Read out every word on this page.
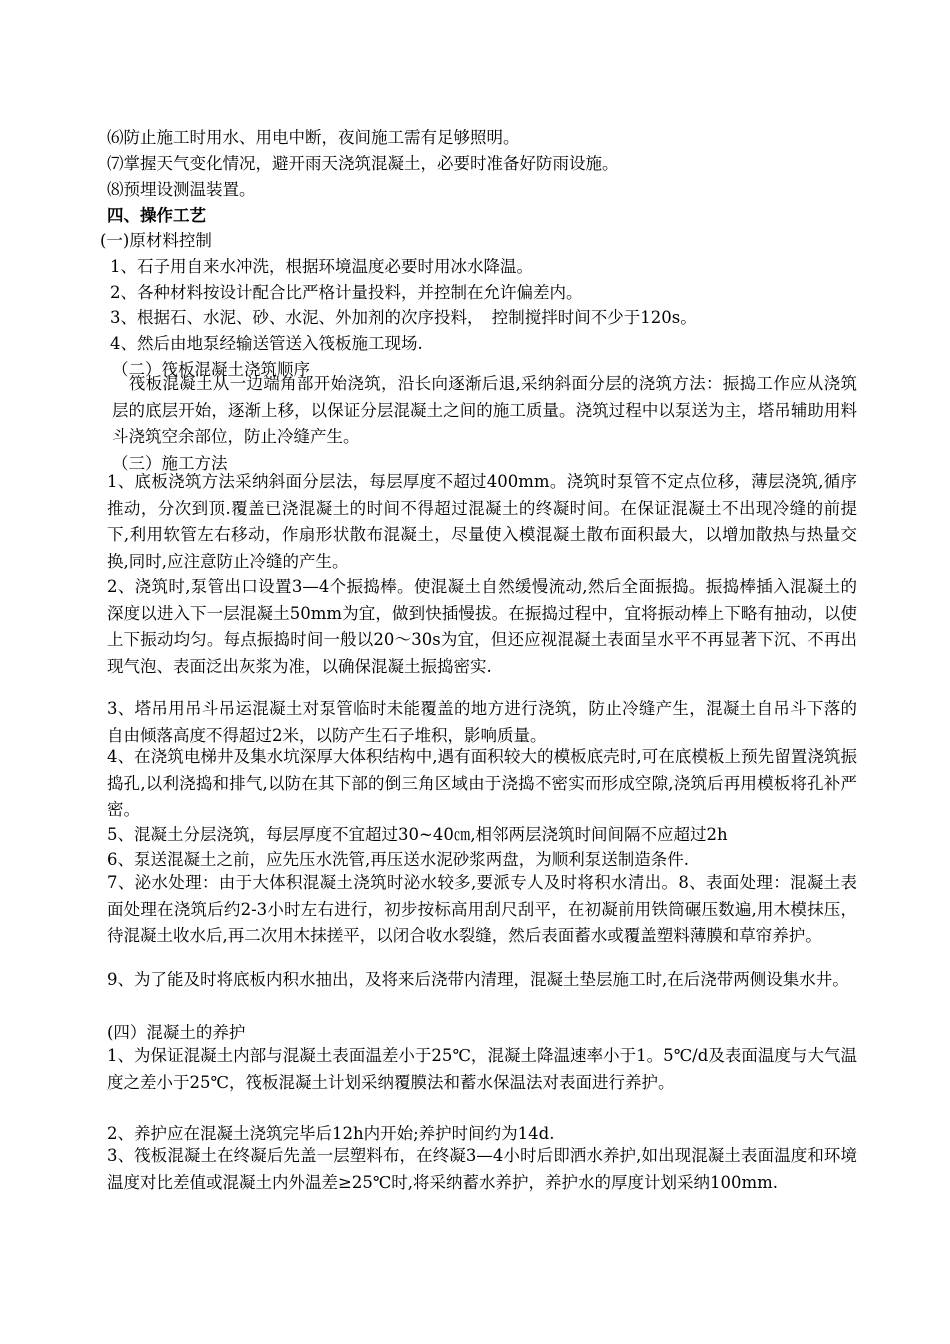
⑹防止施工时用水、用电中断，夜间施工需有足够照明。
⑺掌握天气变化情况，避开雨天浇筑混凝土，必要时准备好防雨设施。
⑻预埋设测温装置。
四、操作工艺
(一)原材料控制
1、石子用自来水冲洗，根据环境温度必要时用冰水降温。
2、各种材料按设计配合比严格计量投料，并控制在允许偏差内。
3、根据石、水泥、砂、水泥、外加剂的次序投料，　控制搅拌时间不少于120s。
4、然后由地泵经输送管送入筏板施工现场.
（二）筏板混凝土浇筑顺序
　筏板混凝土从一边端角部开始浇筑，沿长向逐渐后退,采纳斜面分层的浇筑方法：振捣工作应从浇筑层的底层开始，逐渐上移，以保证分层混凝土之间的施工质量。浇筑过程中以泵送为主，塔吊辅助用料斗浇筑空余部位，防止冷缝产生。
（三）施工方法
1、底板浇筑方法采纳斜面分层法，每层厚度不超过400mm。浇筑时泵管不定点位移，薄层浇筑,循序推动，分次到顶.覆盖已浇混凝土的时间不得超过混凝土的终凝时间。在保证混凝土不出现冷缝的前提下,利用软管左右移动，作扇形状散布混凝土，尽量使入模混凝土散布面积最大，以增加散热与热量交换,同时,应注意防止冷缝的产生。
2、浇筑时,泵管出口设置3—4个振捣棒。使混凝土自然缓慢流动,然后全面振捣。振捣棒插入混凝土的深度以进入下一层混凝土50mm为宜，做到快插慢拔。在振捣过程中，宜将振动棒上下略有抽动，以使上下振动均匀。每点振捣时间一般以20～30s为宜，但还应视混凝土表面呈水平不再显著下沉、不再出现气泡、表面泛出灰浆为准，以确保混凝土振捣密实.
3、塔吊用吊斗吊运混凝土对泵管临时未能覆盖的地方进行浇筑，防止冷缝产生，混凝土自吊斗下落的自由倾落高度不得超过2米，以防产生石子堆积，影响质量。
4、在浇筑电梯井及集水坑深厚大体积结构中,遇有面积较大的模板底壳时,可在底模板上预先留置浇筑振捣孔,以利浇捣和排气,以防在其下部的倒三角区域由于浇捣不密实而形成空隙,浇筑后再用模板将孔补严密。
5、混凝土分层浇筑，每层厚度不宜超过30~40㎝,相邻两层浇筑时间间隔不应超过2h
6、泵送混凝土之前，应先压水洗管,再压送水泥砂浆两盘，为顺利泵送制造条件.
7、泌水处理：由于大体积混凝土浇筑时泌水较多,要派专人及时将积水清出。8、表面处理：混凝土表面处理在浇筑后约2-3小时左右进行，初步按标高用刮尺刮平，在初凝前用铁筒碾压数遍,用木模抹压，待混凝土收水后,再二次用木抹搓平，以闭合收水裂缝，然后表面蓄水或覆盖塑料薄膜和草帘养护。
9、为了能及时将底板内积水抽出，及将来后浇带内清理，混凝土垫层施工时,在后浇带两侧设集水井。
(四）混凝土的养护
1、为保证混凝土内部与混凝土表面温差小于25℃，混凝土降温速率小于1。5℃/d及表面温度与大气温度之差小于25℃，筏板混凝土计划采纳覆膜法和蓄水保温法对表面进行养护。
2、养护应在混凝土浇筑完毕后12h内开始;养护时间约为14d.
3、筏板混凝土在终凝后先盖一层塑料布，在终凝3—4小时后即洒水养护,如出现混凝土表面温度和环境温度对比差值或混凝土内外温差≥25℃时,将采纳蓄水养护，养护水的厚度计划采纳100mm.
